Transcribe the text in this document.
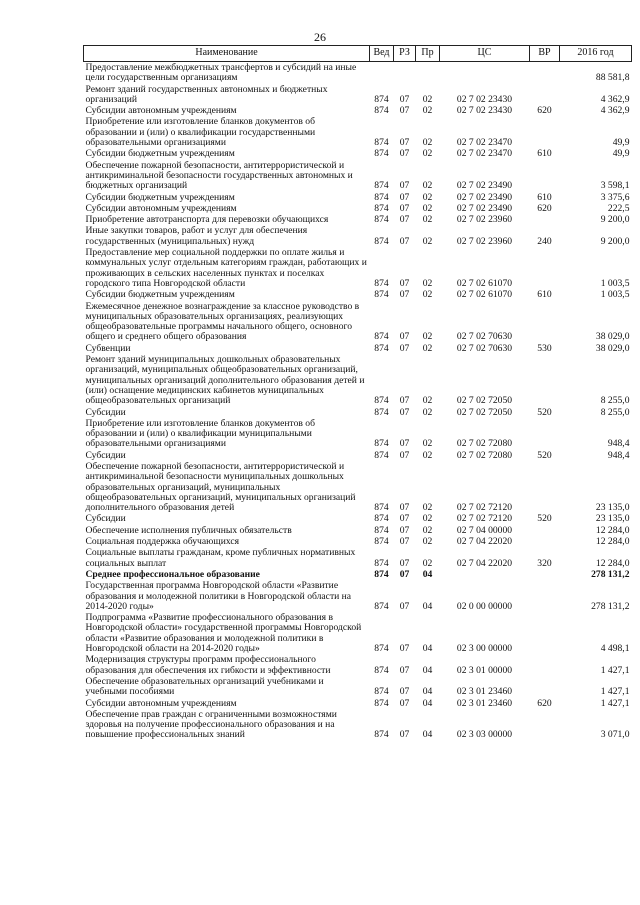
26
Наименование	Вед	РЗ	Пр	ЦС	ВР	2016 год
Предоставление межбюджетных трансфертов и субсидий на иные цели государственным организациям						88 581,8
Ремонт зданий государственных автономных и бюджетных организаций	874	07	02	02 7 02 23430		4 362,9
Субсидии автономным учреждениям	874	07	02	02 7 02 23430	620	4 362,9
Приобретение или изготовление бланков документов об образовании и (или) о квалификации государственными образовательными организациями	874	07	02	02 7 02 23470		49,9
Субсидии бюджетным учреждениям	874	07	02	02 7 02 23470	610	49,9
Обеспечение пожарной безопасности, антитеррористической и антикриминальной безопасности государственных автономных и бюджетных организаций	874	07	02	02 7 02 23490		3 598,1
Субсидии бюджетным учреждениям	874	07	02	02 7 02 23490	610	3 375,6
Субсидии автономным учреждениям	874	07	02	02 7 02 23490	620	222,5
Приобретение автотранспорта для перевозки обучающихся	874	07	02	02 7 02 23960		9 200,0
Иные закупки товаров, работ и услуг для обеспечения государственных (муниципальных) нужд	874	07	02	02 7 02 23960	240	9 200,0
Предоставление мер социальной поддержки по оплате жилья и коммунальных услуг отдельным категориям граждан, работающих и проживающих в сельских населенных пунктах и поселках городского типа Новгородской области	874	07	02	02 7 02 61070		1 003,5
Субсидии бюджетным учреждениям	874	07	02	02 7 02 61070	610	1 003,5
Ежемесячное денежное вознаграждение за классное руководство в муниципальных образовательных организациях, реализующих общеобразовательные программы начального общего, основного общего и среднего общего образования	874	07	02	02 7 02 70630		38 029,0
Субвенции	874	07	02	02 7 02 70630	530	38 029,0
Ремонт зданий муниципальных дошкольных образовательных организаций, муниципальных общеобразовательных организаций, муниципальных организаций дополнительного образования детей и (или) оснащение медицинских кабинетов муниципальных общеобразовательных организаций	874	07	02	02 7 02 72050		8 255,0
Субсидии	874	07	02	02 7 02 72050	520	8 255,0
Приобретение или изготовление бланков документов об образовании и (или) о квалификации муниципальными образовательными организациями	874	07	02	02 7 02 72080		948,4
Субсидии	874	07	02	02 7 02 72080	520	948,4
Обеспечение пожарной безопасности, антитеррористической и антикриминальной безопасности муниципальных дошкольных образовательных организаций, муниципальных общеобразовательных организаций, муниципальных организаций дополнительного образования детей	874	07	02	02 7 02 72120		23 135,0
Субсидии	874	07	02	02 7 02 72120	520	23 135,0
Обеспечение исполнения публичных обязательств	874	07	02	02 7 04 00000		12 284,0
Социальная поддержка обучающихся	874	07	02	02 7 04 22020		12 284,0
Социальные выплаты гражданам, кроме публичных нормативных социальных выплат	874	07	02	02 7 04 22020	320	12 284,0
Среднее профессиональное образование	874	07	04			278 131,2
Государственная программа Новгородской области «Развитие образования и молодежной политики в Новгородской области на 2014-2020 годы»	874	07	04	02 0 00 00000		278 131,2
Подпрограмма «Развитие профессионального образования в Новгородской области» государственной программы Новгородской области «Развитие образования и молодежной политики в Новгородской области на 2014-2020 годы»	874	07	04	02 3 00 00000		4 498,1
Модернизация структуры программ профессионального образования для обеспечения их гибкости и эффективности	874	07	04	02 3 01 00000		1 427,1
Обеспечение образовательных организаций учебниками и учебными пособиями	874	07	04	02 3 01 23460		1 427,1
Субсидии автономным учреждениям	874	07	04	02 3 01 23460	620	1 427,1
Обеспечение прав граждан с ограниченными возможностями здоровья на получение профессионального образования и на повышение профессиональных знаний	874	07	04	02 3 03 00000		3 071,0
